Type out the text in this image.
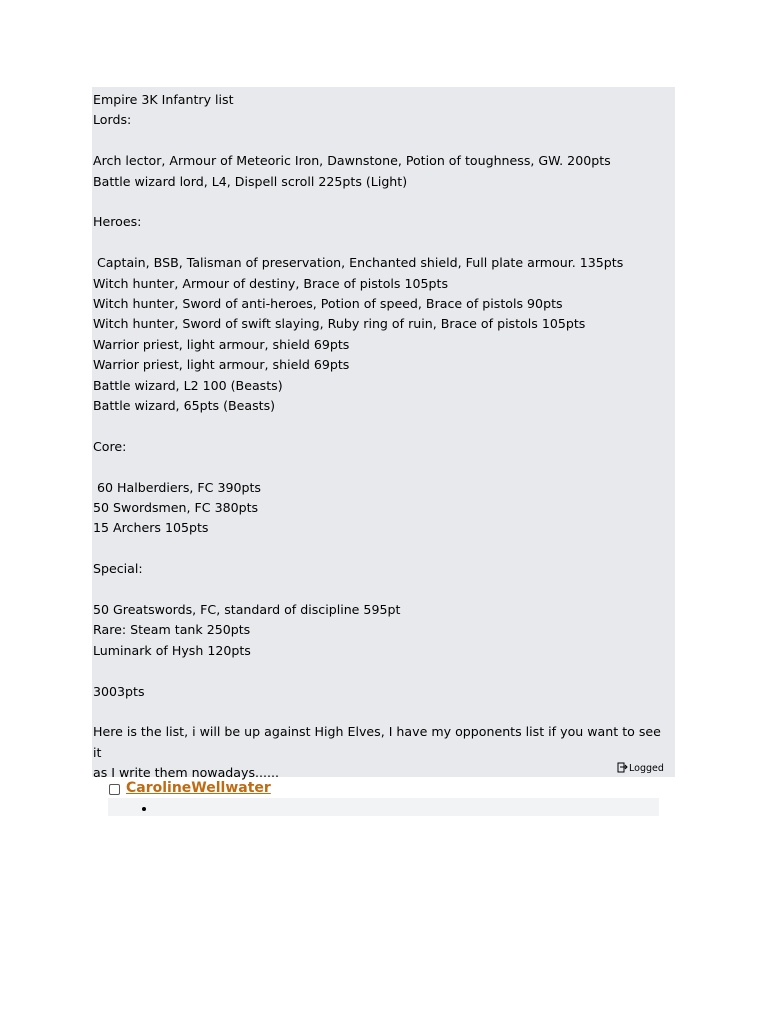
Empire 3K Infantry list
Lords:
Arch lector, Armour of Meteoric Iron, Dawnstone, Potion of toughness, GW. 200pts
Battle wizard lord, L4, Dispell scroll 225pts (Light)
Heroes:
Captain, BSB, Talisman of preservation, Enchanted shield, Full plate armour. 135pts
Witch hunter, Armour of destiny, Brace of pistols 105pts
Witch hunter, Sword of anti-heroes, Potion of speed, Brace of pistols 90pts
Witch hunter, Sword of swift slaying, Ruby ring of ruin, Brace of pistols 105pts
Warrior priest, light armour, shield 69pts
Warrior priest, light armour, shield 69pts
Battle wizard, L2 100 (Beasts)
Battle wizard, 65pts (Beasts)
Core:
60 Halberdiers, FC 390pts
50 Swordsmen, FC 380pts
15 Archers 105pts
Special:
50 Greatswords, FC, standard of discipline 595pt
Rare: Steam tank 250pts
Luminark of Hysh 120pts
3003pts
Here is the list, i will be up against High Elves, I have my opponents list if you want to see it
as I write them nowadays......	Logged
CarolineWellwater
